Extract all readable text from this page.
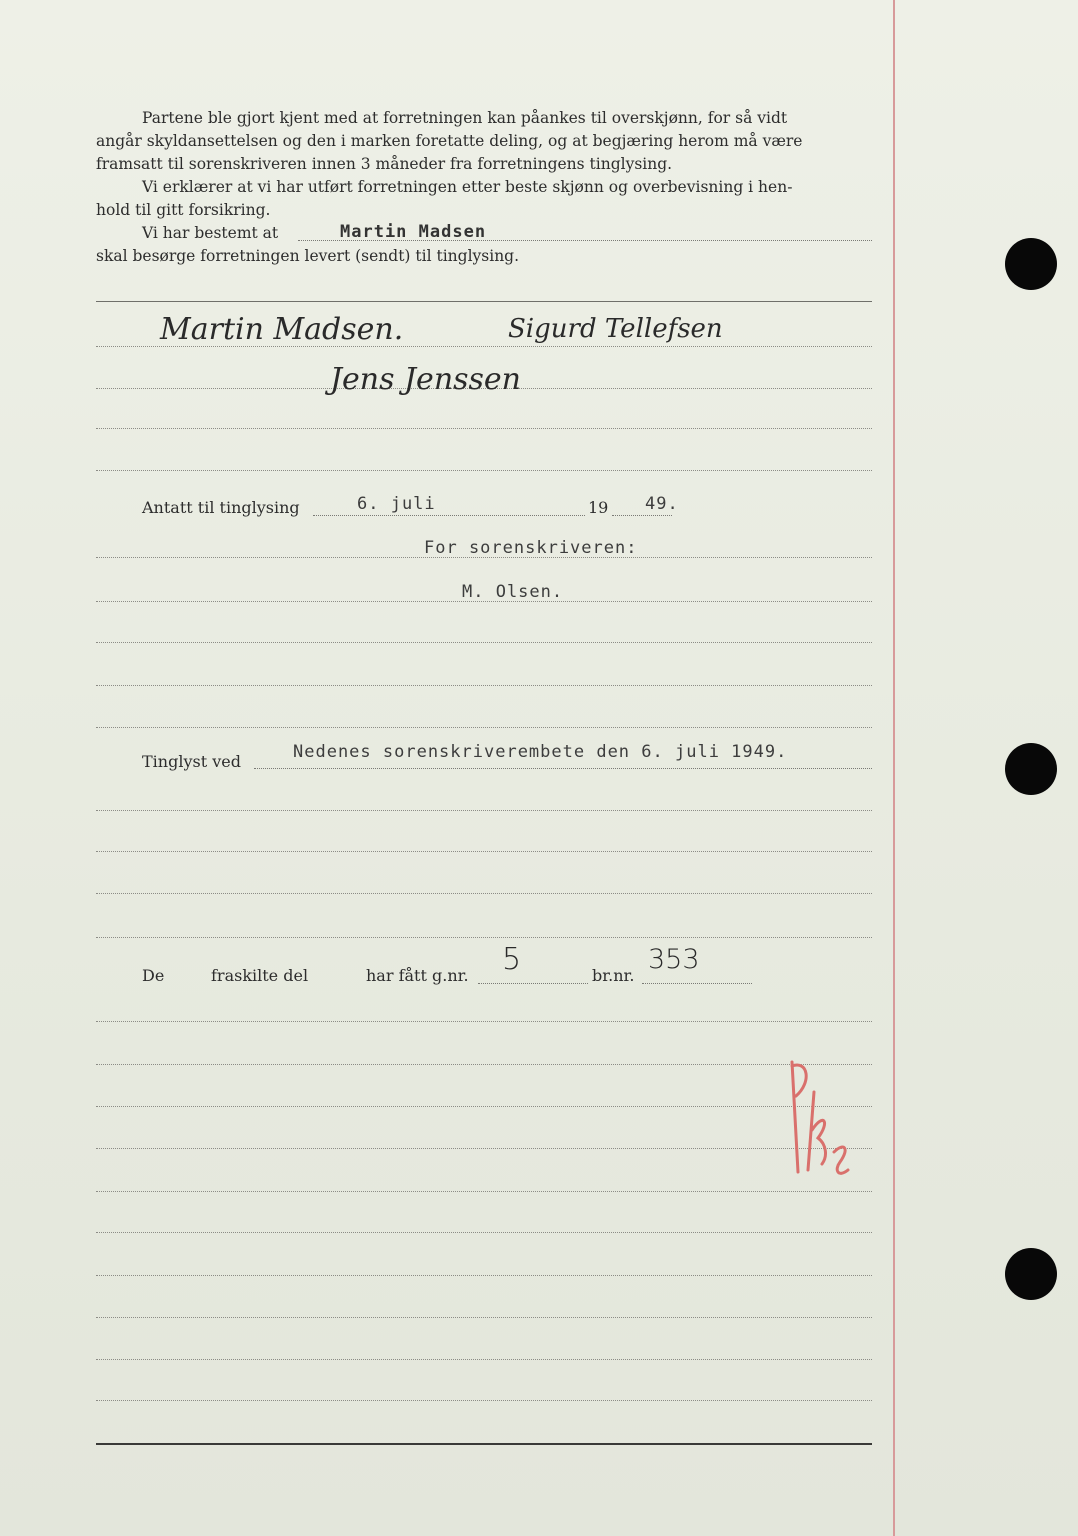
Partene ble gjort kjent med at forretningen kan påankes til overskjønn, for så vidt
angår skyldansettelsen og den i marken foretatte deling, og at begjæring herom må være
framsatt til sorenskriveren innen 3 måneder fra forretningens tinglysing.
Vi erklærer at vi har utført forretningen etter beste skjønn og overbevisning i hen-
hold til gitt forsikring.
Vi har bestemt at
skal besørge forretningen levert (sendt) til tinglysing.
Martin Madsen
Martin Madsen.	Sigurd Tellefsen
Jens Jenssen
Antatt til tinglysing	6. juli	19 49.
For sorenskriveren:
M. Olsen.
Tinglyst ved	Nedenes sorenskriverembete den 6. juli 1949.
De	fraskilte del	har fått g.nr. 5	br.nr.
353
